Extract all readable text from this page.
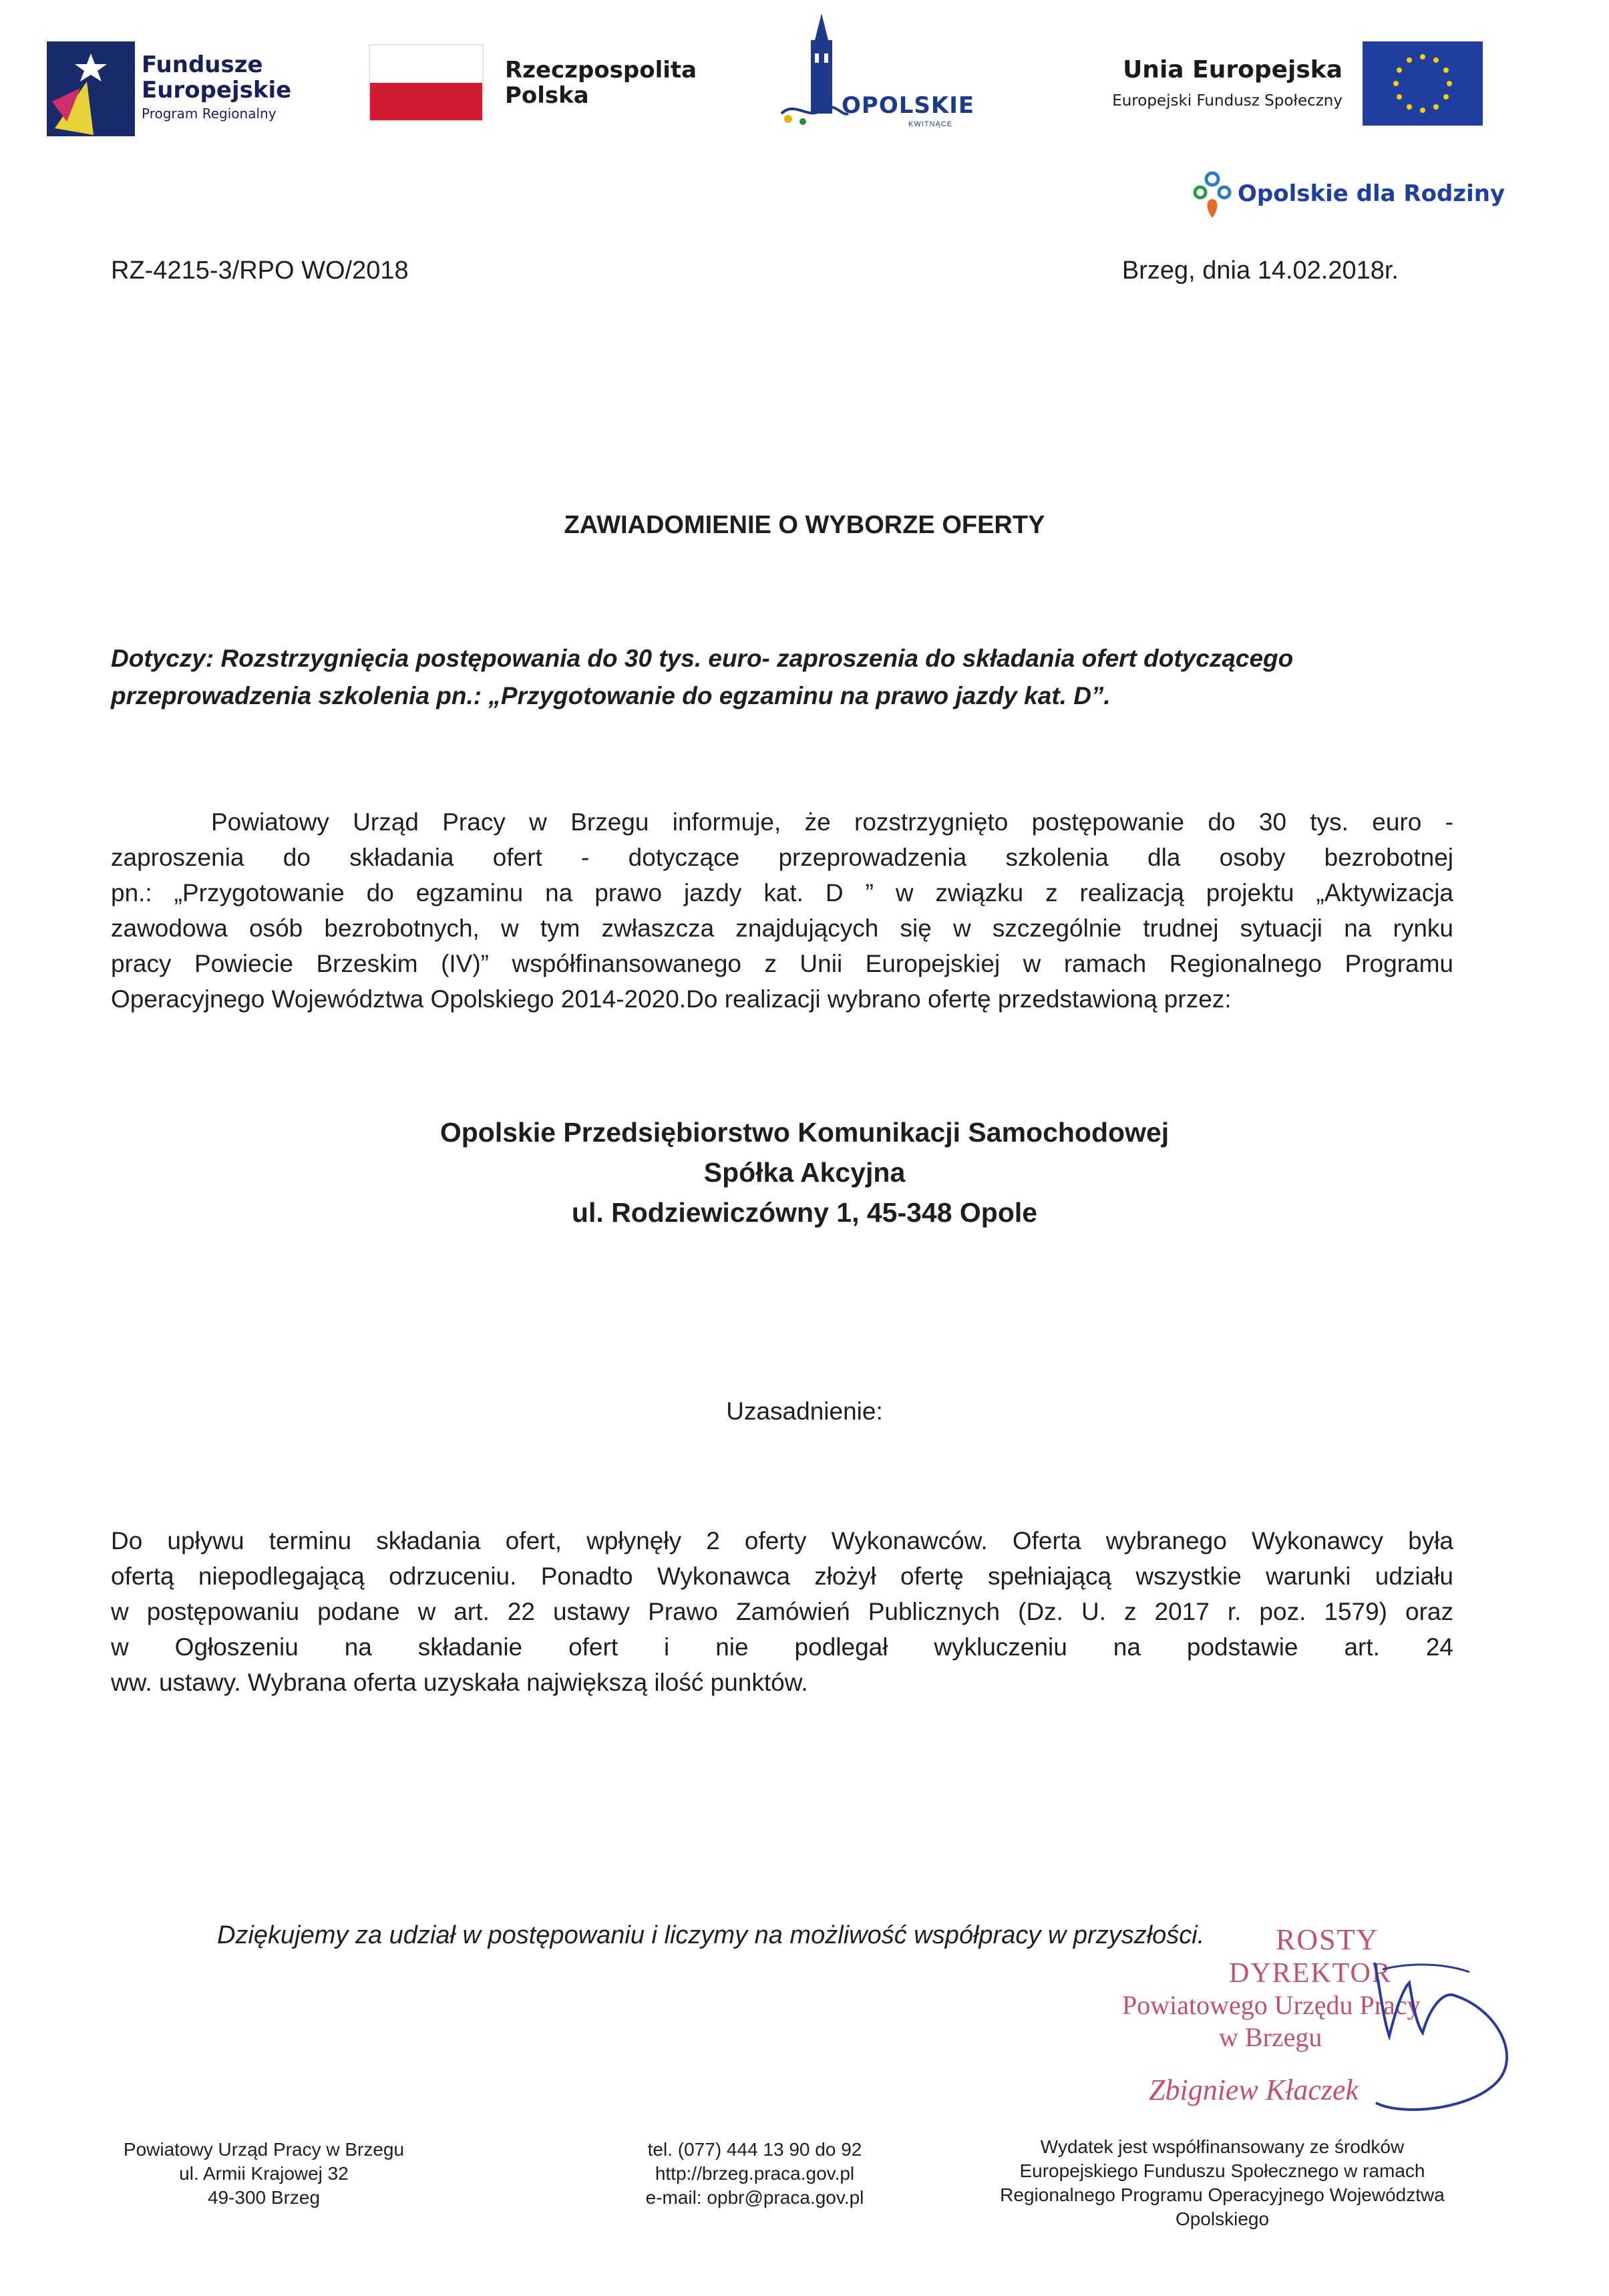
Fundusze
Europejskie
Program Regionalny
Rzeczpospolita
Polska	OPOLSKIE
KWITNĄCE
Unia Europejska
Europejski Fundusz Społeczny
Opolskie dla Rodziny
RZ-4215-3/RPO WO/2018	Brzeg, dnia 14.02.2018r.
ZAWIADOMIENIE O WYBORZE OFERTY
Dotyczy: Rozstrzygnięcia postępowania do 30 tys. euro- zaproszenia do składania ofert dotyczącego przeprowadzenia szkolenia pn.: „Przygotowanie do egzaminu na prawo jazdy kat. D”.
Powiatowy Urząd Pracy w Brzegu informuje, że rozstrzygnięto postępowanie do 30 tys. euro -
zaproszenia do składania ofert - dotyczące przeprowadzenia szkolenia dla osoby bezrobotnej
pn.: „Przygotowanie do egzaminu na prawo jazdy kat. D ” w związku z realizacją projektu „Aktywizacja
zawodowa osób bezrobotnych, w tym zwłaszcza znajdujących się w szczególnie trudnej sytuacji na rynku
pracy Powiecie Brzeskim (IV)” współfinansowanego z Unii Europejskiej w ramach Regionalnego Programu
Operacyjnego Województwa Opolskiego 2014-2020.Do realizacji wybrano ofertę przedstawioną przez:
Opolskie Przedsiębiorstwo Komunikacji Samochodowej
Spółka Akcyjna
ul. Rodziewiczówny 1, 45-348 Opole
Uzasadnienie:
Do upływu terminu składania ofert, wpłynęły 2 oferty Wykonawców. Oferta wybranego Wykonawcy była
ofertą niepodlegającą odrzuceniu. Ponadto Wykonawca złożył ofertę spełniającą wszystkie warunki udziału
w postępowaniu podane w art. 22 ustawy Prawo Zamówień Publicznych (Dz. U. z 2017 r. poz. 1579) oraz
w Ogłoszeniu na składanie ofert i nie podlegał wykluczeniu na podstawie art. 24
ww. ustawy. Wybrana oferta uzyskała największą ilość punktów.
Dziękujemy za udział w postępowaniu i liczymy na możliwość współpracy w przyszłości. ROSTY
DYREKTOR
Powiatowego Urzędu Pracy
w Brzegu
Zbigniew Kłaczek
Powiatowy Urząd Pracy w Brzegu
ul. Armii Krajowej 32
49-300 Brzeg
tel. (077) 444 13 90 do 92
http://brzeg.praca.gov.pl
e-mail: opbr@praca.gov.pl
Wydatek jest współfinansowany ze środków
Europejskiego Funduszu Społecznego w ramach
Regionalnego Programu Operacyjnego Województwa
Opolskiego
